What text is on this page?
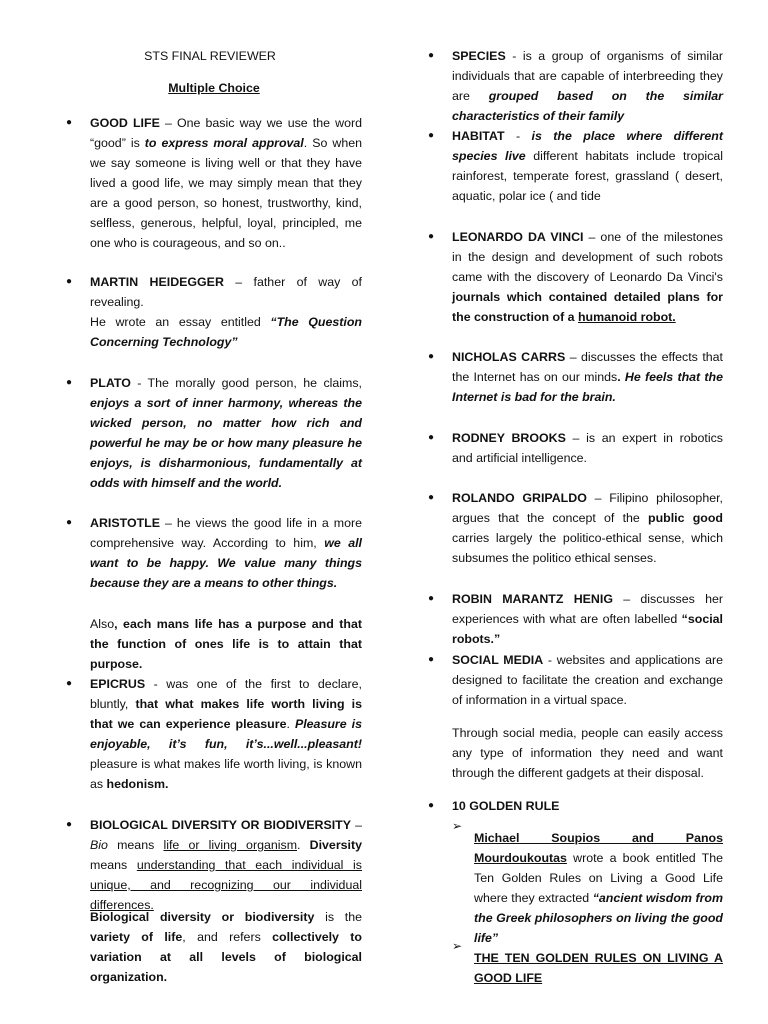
STS FINAL REVIEWER
Multiple Choice
● GOOD LIFE – One basic way we use the word “good” is to express moral approval. So when we say someone is living well or that they have lived a good life, we may simply mean that they are a good person, so honest, trustworthy, kind, selfless, generous, helpful, loyal, principled, me one who is courageous, and so on..

● MARTIN HEIDEGGER – father of way of revealing.

He wrote an essay entitled “The Question Concerning Technology”

● PLATO - The morally good person, he claims, enjoys a sort of inner harmony, whereas the wicked person, no matter how rich and powerful he may be or how many pleasure he enjoys, is disharmonious, fundamentally at odds with himself and the world.

● ARISTOTLE – he views the good life in a more comprehensive way. According to him, we all want to be happy. We value many things because they are a means to other things.

Also, each mans life has a purpose and that the function of ones life is to attain that purpose.

● EPICRUS - was one of the first to declare, bluntly, that what makes life worth living is that we can experience pleasure. Pleasure is enjoyable, it’s fun, it’s...well...pleasant! pleasure is what makes life worth living, is known as hedonism.

● BIOLOGICAL DIVERSITY OR BIODIVERSITY – Bio means life or living organism. Diversity means understanding that each individual is unique, and recognizing our individual differences.

Biological diversity or biodiversity is the variety of life, and refers collectively to variation at all levels of biological organization.

● SPECIES - is a group of organisms of similar individuals that are capable of interbreeding they are grouped based on the similar characteristics of their family

● HABITAT - is the place where different species live different habitats include tropical rainforest, temperate forest, grassland ( desert, aquatic, polar ice ( and tide

● LEONARDO DA VINCI – one of the milestones in the design and development of such robots came with the discovery of Leonardo Da Vinci's journals which contained detailed plans for the construction of a humanoid robot.

● NICHOLAS CARRS – discusses the effects that the Internet has on our minds. He feels that the Internet is bad for the brain.

● RODNEY BROOKS – is an expert in robotics and artificial intelligence.

● ROLANDO GRIPALDO – Filipino philosopher, argues that the concept of the public good carries largely the politico-ethical sense, which subsumes the politico ethical senses.

● ROBIN MARANTZ HENIG – discusses her experiences with what are often labelled “social robots.”

● SOCIAL MEDIA - websites and applications are designed to facilitate the creation and exchange of information in a virtual space.

Through social media, people can easily access any type of information they need and want through the different gadgets at their disposal.

● 10 GOLDEN RULE

➢

Michael Soupios and Panos Mourdoukoutas wrote a book entitled The Ten Golden Rules on Living a Good Life where they extracted “ancient wisdom from the Greek philosophers on living the good life”

➢

THE TEN GOLDEN RULES ON LIVING A GOOD LIFE
